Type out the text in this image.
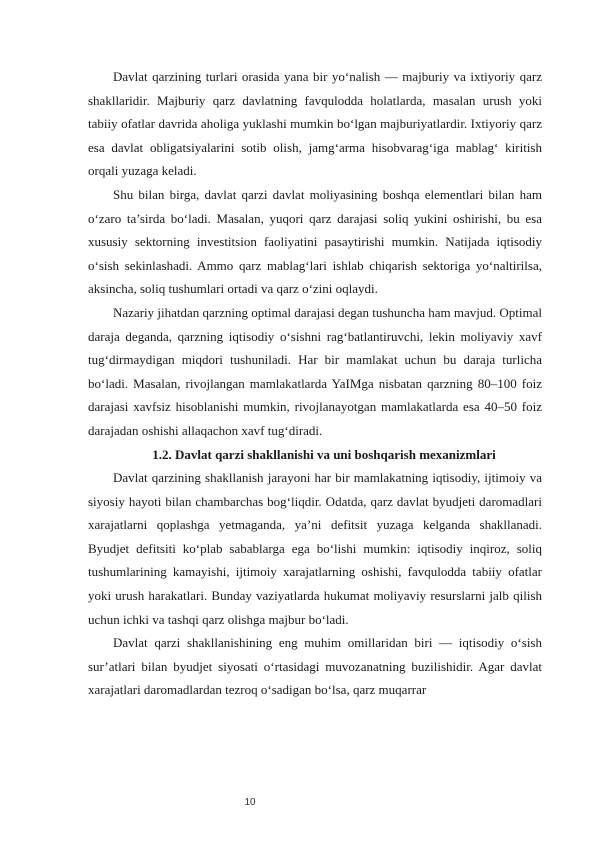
Davlat qarzining turlari orasida yana bir yo‘nalish — majburiy va ixtiyoriy qarz shakllaridir. Majburiy qarz davlatning favqulodda holatlarda, masalan urush yoki tabiiy ofatlar davrida aholiga yuklashi mumkin bo‘lgan majburiyatlardir. Ixtiyoriy qarz esa davlat obligatsiyalarini sotib olish, jamg‘arma hisobvarag‘iga mablag‘ kiritish orqali yuzaga keladi.

Shu bilan birga, davlat qarzi davlat moliyasining boshqa elementlari bilan ham o‘zaro ta’sirda bo‘ladi. Masalan, yuqori qarz darajasi soliq yukini oshirishi, bu esa xususiy sektorning investitsion faoliyatini pasaytirishi mumkin. Natijada iqtisodiy o‘sish sekinlashadi. Ammo qarz mablag‘lari ishlab chiqarish sektoriga yo‘naltirilsa, aksincha, soliq tushumlari ortadi va qarz o‘zini oqlaydi.

Nazariy jihatdan qarzning optimal darajasi degan tushuncha ham mavjud. Optimal daraja deganda, qarzning iqtisodiy o‘sishni rag‘batlantiruvchi, lekin moliyaviy xavf tug‘dirmaydigan miqdori tushuniladi. Har bir mamlakat uchun bu daraja turlicha bo‘ladi. Masalan, rivojlangan mamlakatlarda YaIMga nisbatan qarzning 80–100 foiz darajasi xavfsiz hisoblanishi mumkin, rivojlanayotgan mamlakatlarda esa 40–50 foiz darajadan oshishi allaqachon xavf tug‘diradi.

1.2. Davlat qarzi shakllanishi va uni boshqarish mexanizmlari

Davlat qarzining shakllanish jarayoni har bir mamlakatning iqtisodiy, ijtimoiy va siyosiy hayoti bilan chambarchas bog‘liqdir. Odatda, qarz davlat byudjeti daromadlari xarajatlarni qoplashga yetmaganda, ya’ni defitsit yuzaga kelganda shakllanadi. Byudjet defitsiti ko‘plab sabablarga ega bo‘lishi mumkin: iqtisodiy inqiroz, soliq tushumlarining kamayishi, ijtimoiy xarajatlarning oshishi, favqulodda tabiiy ofatlar yoki urush harakatlari. Bunday vaziyatlarda hukumat moliyaviy resurslarni jalb qilish uchun ichki va tashqi qarz olishga majbur bo‘ladi.

Davlat qarzi shakllanishining eng muhim omillaridan biri — iqtisodiy o‘sish sur’atlari bilan byudjet siyosati o‘rtasidagi muvozanatning buzilishidir. Agar davlat xarajatlari daromadlardan tezroq o‘sadigan bo‘lsa, qarz muqarrar

10
